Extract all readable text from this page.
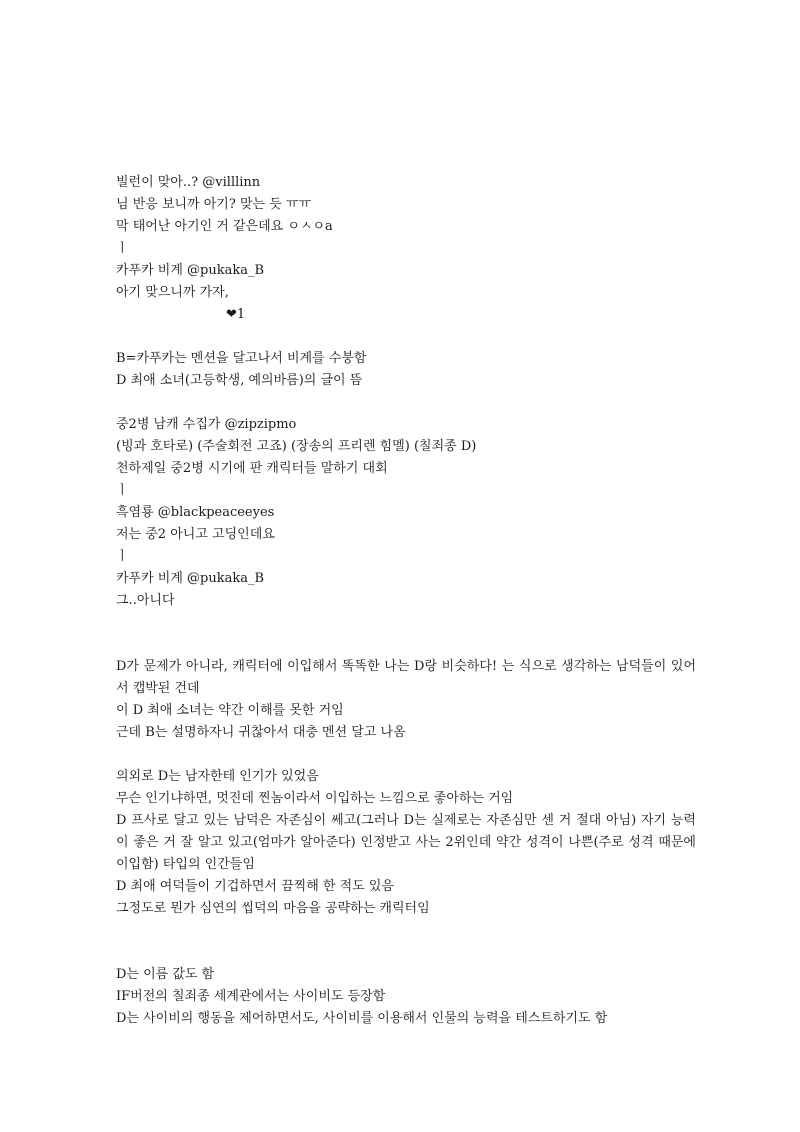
빌런이 맞아..? @villlinn
님 반응 보니까 아기? 맞는 듯 ㅠㅠ
막 태어난 아기인 거 같은데요 ㅇㅅㅇa
ㅣ
카푸카 비계 @pukaka_B
아기 맞으니까 가자,
❤1
B=카푸카는 멘션을 달고나서 비계를 수붕함
D 최애 소녀(고등학생, 예의바름)의 글이 뜸
중2병 남캐 수집가 @zipzipmo
(빙과 호타로) (주술회전 고죠) (장송의 프리렌 힘멜) (칠죄종 D)
천하제일 중2병 시기에 판 캐릭터들 말하기 대회
ㅣ
흑염룡 @blackpeaceeyes
저는 중2 아니고 고딩인데요
ㅣ
카푸카 비계 @pukaka_B
그..아니다
D가 문제가 아니라, 캐릭터에 이입해서 똑똑한 나는 D랑 비슷하다! 는 식으로 생각하는 남덕들이 있어서 캡박된 건데
이 D 최애 소녀는 약간 이해를 못한 거임
근데 B는 설명하자니 귀찮아서 대충 멘션 달고 나옴
의외로 D는 남자한테 인기가 있었음
무슨 인기냐하면, 멋진데 찐놈이라서 이입하는 느낌으로 좋아하는 거임
D 프사로 달고 있는 남덕은 자존심이 쎄고(그러나 D는 실제로는 자존심만 센 거 절대 아님) 자기 능력이 좋은 거 잘 알고 있고(엄마가 알아준다) 인정받고 사는 2위인데 약간 성격이 나쁜(주로 성격 때문에 이입함) 타입의 인간들임
D 최애 여덕들이 기겁하면서 끔찍해 한 적도 있음
그정도로 뭔가 심연의 씹덕의 마음을 공략하는 캐릭터임
D는 이름 값도 함
IF버전의 칠죄종 세계관에서는 사이비도 등장함
D는 사이비의 행동을 제어하면서도, 사이비를 이용해서 인물의 능력을 테스트하기도 함
